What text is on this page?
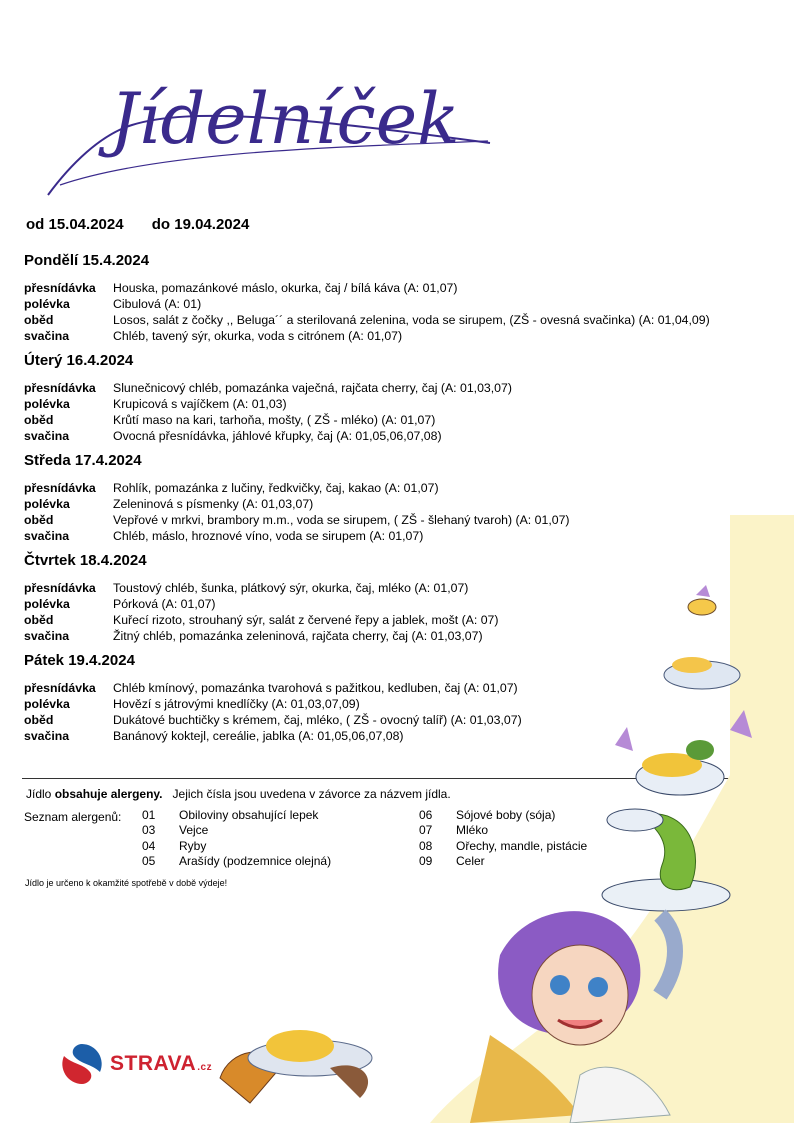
Jídelníček
od 15.04.2024 do 19.04.2024
Pondělí 15.4.2024
přesnídávka	Houska, pomazánkové máslo, okurka, čaj / bílá káva (A: 01,07)
polévka	Cibulová (A: 01)
oběd	Losos, salát z čočky ,, Beluga´´ a sterilovaná zelenina, voda se sirupem, (ZŠ - ovesná svačinka) (A: 01,04,09)
svačina	Chléb, tavený sýr, okurka, voda s citrónem (A: 01,07)
Úterý 16.4.2024
přesnídávka	Slunečnicový chléb, pomazánka vaječná, rajčata cherry, čaj (A: 01,03,07)
polévka	Krupicová s vajíčkem (A: 01,03)
oběd	Krůtí maso na kari, tarhoňa, mošty, ( ZŠ - mléko) (A: 01,07)
svačina	Ovocná přesnídávka, jáhlové křupky, čaj (A: 01,05,06,07,08)
Středa 17.4.2024
přesnídávka	Rohlík, pomazánka z lučiny, ředkvičky, čaj, kakao (A: 01,07)
polévka	Zeleninová s písmenky (A: 01,03,07)
oběd	Vepřové v mrkvi, brambory m.m., voda se sirupem, ( ZŠ - šlehaný tvaroh) (A: 01,07)
svačina	Chléb, máslo, hroznové víno, voda se sirupem (A: 01,07)
Čtvrtek 18.4.2024
přesnídávka	Toustový chléb, šunka, plátkový sýr, okurka, čaj, mléko (A: 01,07)
polévka	Pórková (A: 01,07)
oběd	Kuřecí rizoto, strouhaný sýr, salát z červené řepy a jablek, mošt (A: 07)
svačina	Žitný chléb, pomazánka zeleninová, rajčata cherry, čaj (A: 01,03,07)
Pátek 19.4.2024
přesnídávka	Chléb kmínový, pomazánka tvarohová s pažitkou, kedluben, čaj (A: 01,07)
polévka	Hovězí s játrovými knedlíčky (A: 01,03,07,09)
oběd	Dukátové buchtičky s krémem, čaj, mléko, ( ZŠ - ovocný talíř) (A: 01,03,07)
svačina	Banánový koktejl, cereálie, jablka (A: 01,05,06,07,08)
Jídlo obsahuje alergeny. Jejich čísla jsou uvedena v závorce za názvem jídla.
Seznam alergenů: 01	Obiloviny obsahující lepek
03	Vejce
04	Ryby
05	Arašídy (podzemnice olejná)
06	Sójové boby (sója)
07	Mléko
08	Ořechy, mandle, pistácie
09	Celer
Jídlo je určeno k okamžité spotřebě v době výdeje!
STRAVA.cz
